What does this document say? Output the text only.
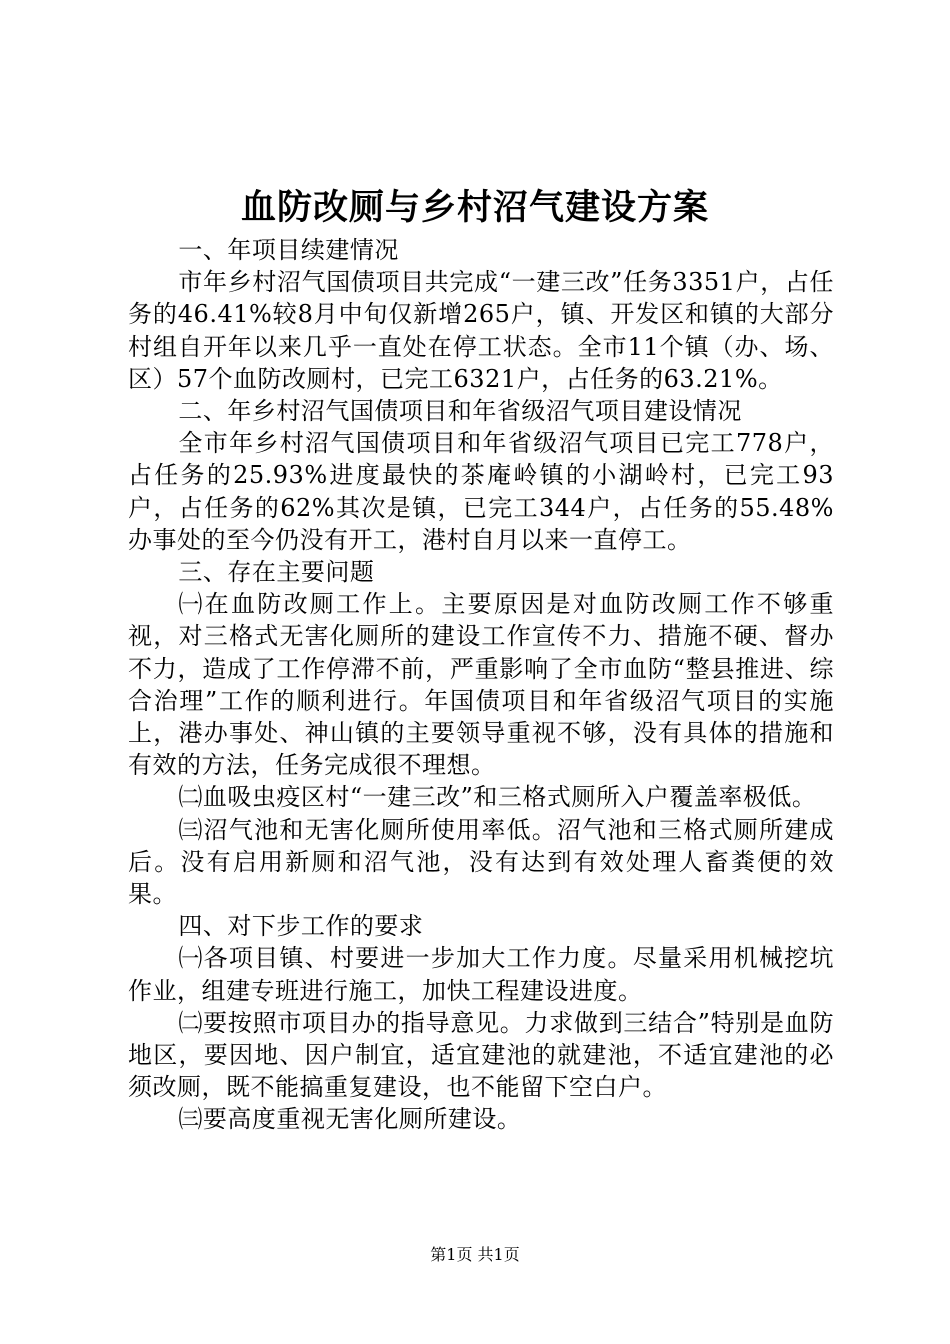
血防改厕与乡村沼气建设方案

一、年项目续建情况

市年乡村沼气国债项目共完成“一建三改”任务3351户，占任务的46.41%较8月中旬仅新增265户，镇、开发区和镇的大部分村组自开年以来几乎一直处在停工状态。全市11个镇（办、场、区）57个血防改厕村，已完工6321户，占任务的63.21%。

二、年乡村沼气国债项目和年省级沼气项目建设情况

全市年乡村沼气国债项目和年省级沼气项目已完工778户，占任务的25.93%进度最快的茶庵岭镇的小湖岭村，已完工93户，占任务的62%其次是镇，已完工344户，占任务的55.48%办事处的至今仍没有开工，港村自月以来一直停工。

三、存在主要问题

㈠在血防改厕工作上。主要原因是对血防改厕工作不够重视，对三格式无害化厕所的建设工作宣传不力、措施不硬、督办不力，造成了工作停滞不前，严重影响了全市血防“整县推进、综合治理”工作的顺利进行。年国债项目和年省级沼气项目的实施上，港办事处、神山镇的主要领导重视不够，没有具体的措施和有效的方法，任务完成很不理想。

㈡血吸虫疫区村“一建三改”和三格式厕所入户覆盖率极低。

㈢沼气池和无害化厕所使用率低。沼气池和三格式厕所建成后。没有启用新厕和沼气池，没有达到有效处理人畜粪便的效果。

四、对下步工作的要求

㈠各项目镇、村要进一步加大工作力度。尽量采用机械挖坑作业，组建专班进行施工，加快工程建设进度。

㈡要按照市项目办的指导意见。力求做到三结合”特别是血防地区，要因地、因户制宜，适宜建池的就建池，不适宜建池的必须改厕，既不能搞重复建设，也不能留下空白户。

㈢要高度重视无害化厕所建设。

第1页 共1页
